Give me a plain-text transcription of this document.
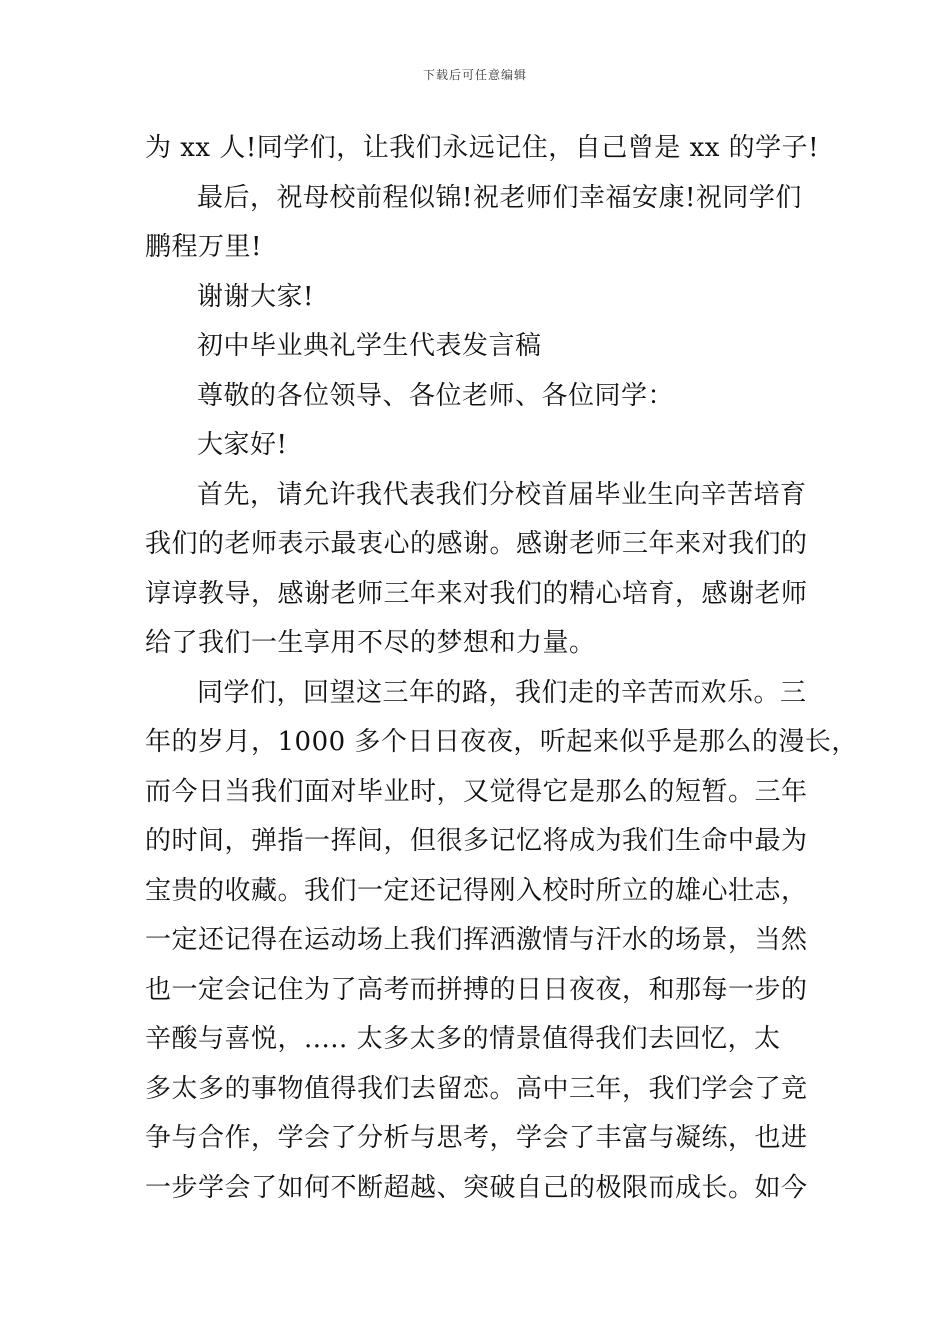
下载后可任意编辑
为 xx 人!同学们，让我们永远记住，自己曾是 xx 的学子!
最后，祝母校前程似锦!祝老师们幸福安康!祝同学们
鹏程万里!
谢谢大家!
初中毕业典礼学生代表发言稿
尊敬的各位领导、各位老师、各位同学：
大家好!
首先，请允许我代表我们分校首届毕业生向辛苦培育
我们的老师表示最衷心的感谢。感谢老师三年来对我们的
谆谆教导，感谢老师三年来对我们的精心培育，感谢老师
给了我们一生享用不尽的梦想和力量。
同学们，回望这三年的路，我们走的辛苦而欢乐。三
年的岁月，1000 多个日日夜夜，听起来似乎是那么的漫长，
而今日当我们面对毕业时，又觉得它是那么的短暂。三年
的时间，弹指一挥间，但很多记忆将成为我们生命中最为
宝贵的收藏。我们一定还记得刚入校时所立的雄心壮志，
一定还记得在运动场上我们挥洒激情与汗水的场景，当然
也一定会记住为了高考而拼搏的日日夜夜，和那每一步的
辛酸与喜悦，..... 太多太多的情景值得我们去回忆，太
多太多的事物值得我们去留恋。高中三年，我们学会了竞
争与合作，学会了分析与思考，学会了丰富与凝练，也进
一步学会了如何不断超越、突破自己的极限而成长。如今
